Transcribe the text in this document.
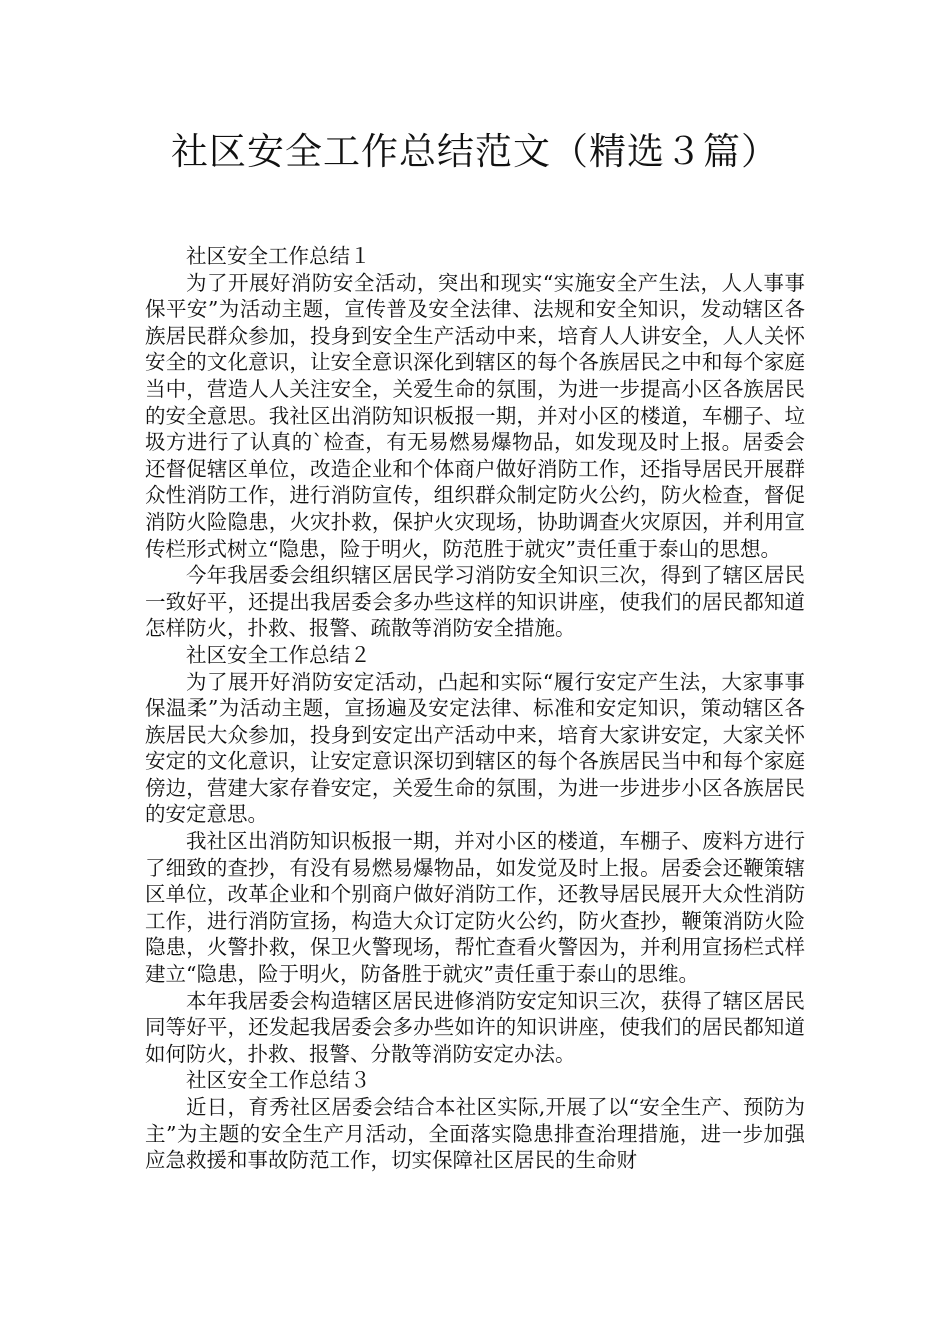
社区安全工作总结范文（精选３篇）

社区安全工作总结１

为了开展好消防安全活动，突出和现实“实施安全产生法，人人事事保平安”为活动主题，宣传普及安全法律、法规和安全知识，发动辖区各族居民群众参加，投身到安全生产活动中来，培育人人讲安全，人人关怀安全的文化意识，让安全意识深化到辖区的每个各族居民之中和每个家庭当中，营造人人关注安全，关爱生命的氛围，为进一步提高小区各族居民的安全意思。我社区出消防知识板报一期，并对小区的楼道，车棚子、垃圾方进行了认真的`检查，有无易燃易爆物品，如发现及时上报。居委会还督促辖区单位，改造企业和个体商户做好消防工作，还指导居民开展群众性消防工作，进行消防宣传，组织群众制定防火公约，防火检查，督促消防火险隐患，火灾扑救，保护火灾现场，协助调查火灾原因，并利用宣传栏形式树立“隐患，险于明火，防范胜于就灾”责任重于泰山的思想。

今年我居委会组织辖区居民学习消防安全知识三次，得到了辖区居民一致好平，还提出我居委会多办些这样的知识讲座，使我们的居民都知道怎样防火，扑救、报警、疏散等消防安全措施。

社区安全工作总结２

为了展开好消防安定活动，凸起和实际“履行安定产生法，大家事事保温柔”为活动主题，宣扬遍及安定法律、标准和安定知识，策动辖区各族居民大众参加，投身到安定出产活动中来，培育大家讲安定，大家关怀安定的文化意识，让安定意识深切到辖区的每个各族居民当中和每个家庭傍边，营建大家存眷安定，关爱生命的氛围，为进一步进步小区各族居民的安定意思。

我社区出消防知识板报一期，并对小区的楼道，车棚子、废料方进行了细致的查抄，有没有易燃易爆物品，如发觉及时上报。居委会还鞭策辖区单位，改革企业和个别商户做好消防工作，还教导居民展开大众性消防工作，进行消防宣扬，构造大众订定防火公约，防火查抄，鞭策消防火险隐患，火警扑救，保卫火警现场，帮忙查看火警因为，并利用宣扬栏式样建立“隐患，险于明火，防备胜于就灾”责任重于泰山的思维。

本年我居委会构造辖区居民进修消防安定知识三次，获得了辖区居民同等好平，还发起我居委会多办些如许的知识讲座，使我们的居民都知道如何防火，扑救、报警、分散等消防安定办法。

社区安全工作总结３

近日，育秀社区居委会结合本社区实际,开展了以“安全生产、预防为主”为主题的安全生产月活动，全面落实隐患排查治理措施，进一步加强应急救援和事故防范工作，切实保障社区居民的生命财
